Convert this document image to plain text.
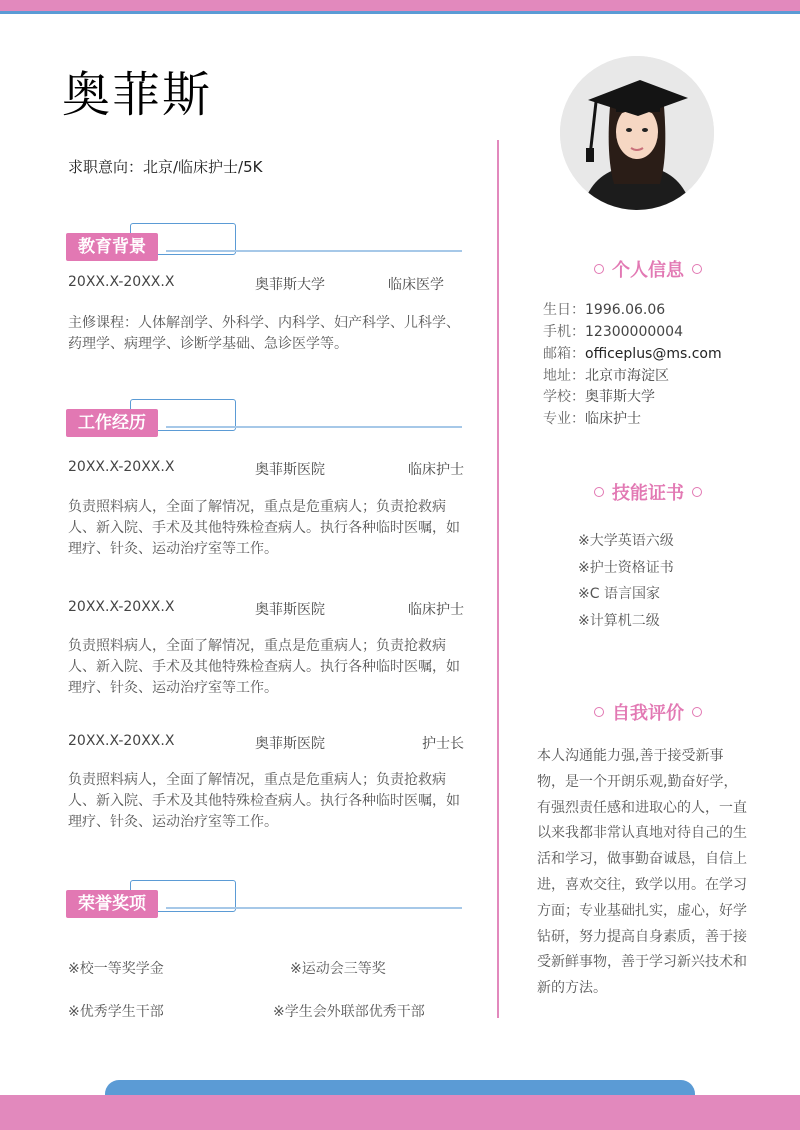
奥菲斯
求职意向：北京/临床护士/5K
教育背景
20XX.X-20XX.X	奥菲斯大学	临床医学
主修课程：人体解剖学、外科学、内科学、妇产科学、儿科学、药理学、病理学、诊断学基础、急诊医学等。
工作经历
20XX.X-20XX.X	奥菲斯医院	临床护士
负责照料病人，全面了解情况，重点是危重病人；负责抢救病人、新入院、手术及其他特殊检查病人。执行各种临时医嘱，如理疗、针灸、运动治疗室等工作。
20XX.X-20XX.X	奥菲斯医院	临床护士
负责照料病人，全面了解情况，重点是危重病人；负责抢救病人、新入院、手术及其他特殊检查病人。执行各种临时医嘱，如理疗、针灸、运动治疗室等工作。
20XX.X-20XX.X	奥菲斯医院	护士长
负责照料病人，全面了解情况，重点是危重病人；负责抢救病人、新入院、手术及其他特殊检查病人。执行各种临时医嘱，如理疗、针灸、运动治疗室等工作。
荣誉奖项
※校一等奖学金	※运动会三等奖
※优秀学生干部	※学生会外联部优秀干部
个人信息
生日：1996.06.06
手机：12300000004
邮箱：officeplus@ms.com
地址：北京市海淀区
学校：奥菲斯大学
专业：临床护士
技能证书
※大学英语六级
※护士资格证书
※C 语言国家
※计算机二级
自我评价
本人沟通能力强,善于接受新事物，是一个开朗乐观,勤奋好学，有强烈责任感和进取心的人，一直以来我都非常认真地对待自己的生活和学习，做事勤奋诚恳，自信上进，喜欢交往，致学以用。在学习方面；专业基础扎实，虚心，好学钻研，努力提高自身素质，善于接受新鲜事物，善于学习新兴技术和新的方法。
